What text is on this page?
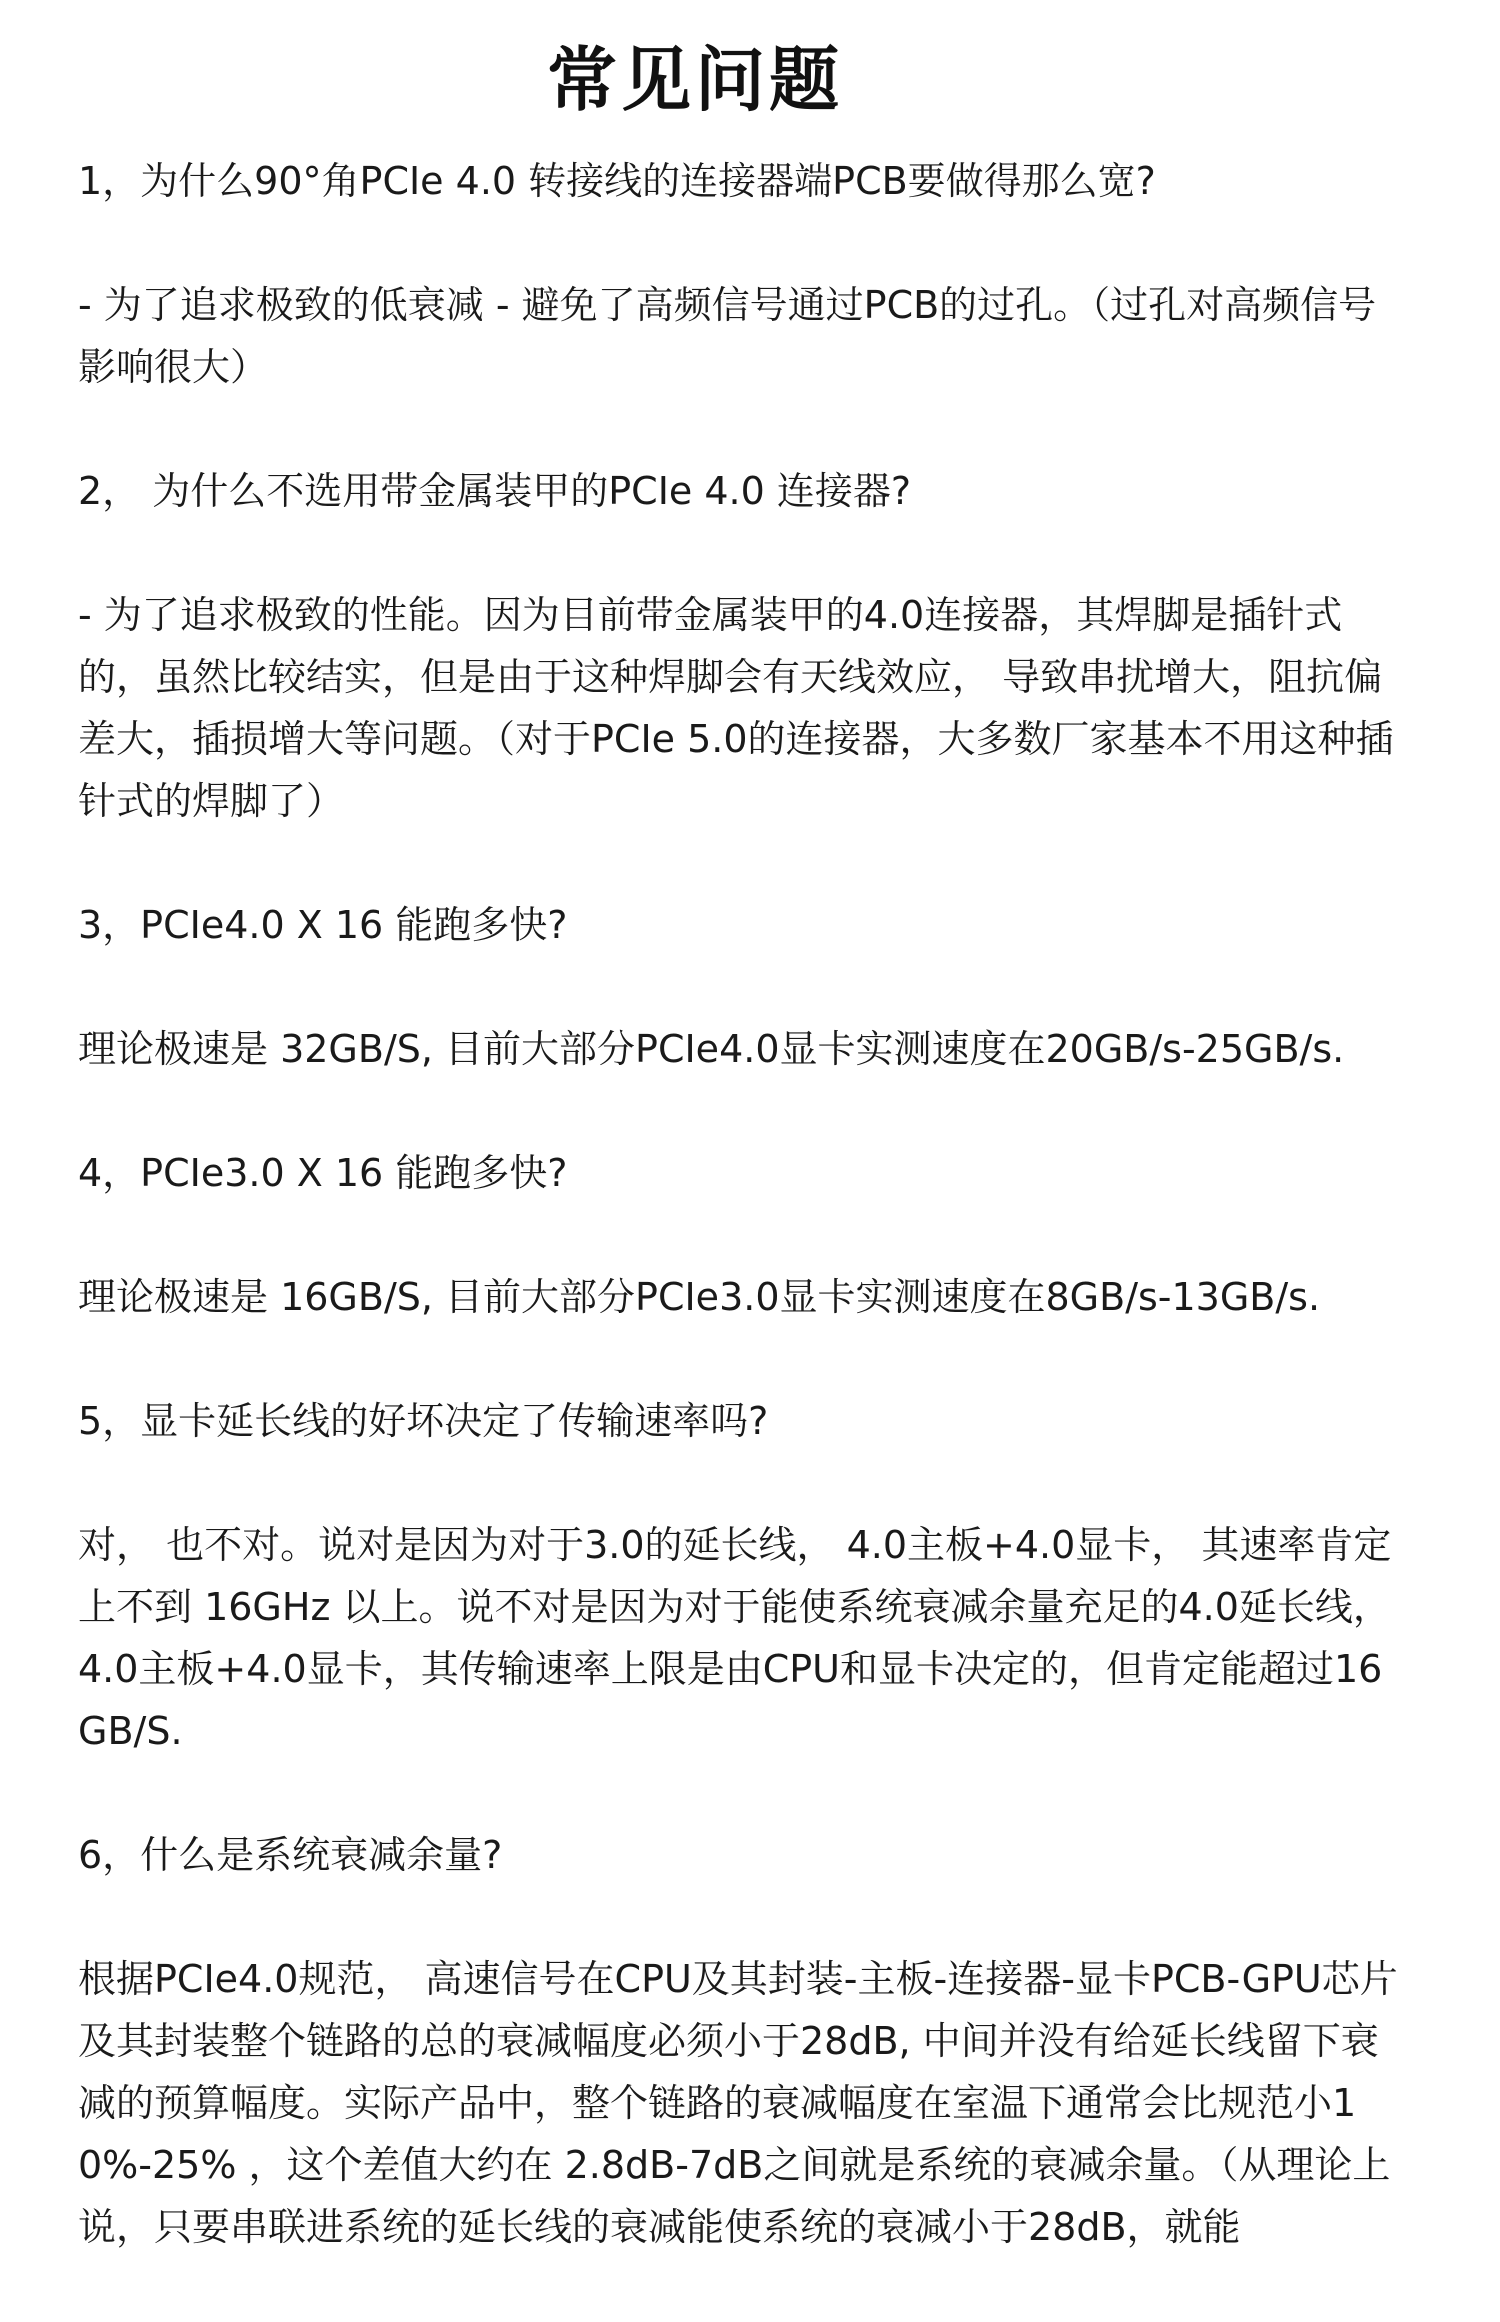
常见问题
1，为什么90°角PCIe 4.0 转接线的连接器端PCB要做得那么宽?
- 为了追求极致的低衰减 - 避免了高频信号通过PCB的过孔。（过孔对高频信号影响很大）
2， 为什么不选用带金属装甲的PCIe 4.0 连接器?
- 为了追求极致的性能。因为目前带金属装甲的4.0连接器，其焊脚是插针式的，虽然比较结实，但是由于这种焊脚会有天线效应， 导致串扰增大，阻抗偏差大，插损增大等问题。（对于PCIe 5.0的连接器，大多数厂家基本不用这种插针式的焊脚了）
3，PCIe4.0 X 16 能跑多快?
理论极速是 32GB/S, 目前大部分PCIe4.0显卡实测速度在20GB/s-25GB/s.
4，PCIe3.0 X 16 能跑多快?
理论极速是 16GB/S, 目前大部分PCIe3.0显卡实测速度在8GB/s-13GB/s.
5，显卡延长线的好坏决定了传输速率吗?
对， 也不对。说对是因为对于3.0的延长线， 4.0主板+4.0显卡， 其速率肯定上不到 16GHz 以上。说不对是因为对于能使系统衰减余量充足的4.0延长线，4.0主板+4.0显卡，其传输速率上限是由CPU和显卡决定的，但肯定能超过16GB/S.
6，什么是系统衰减余量?
根据PCIe4.0规范， 高速信号在CPU及其封装-主板-连接器-显卡PCB-GPU芯片及其封装整个链路的总的衰减幅度必须小于28dB, 中间并没有给延长线留下衰减的预算幅度。实际产品中，整个链路的衰减幅度在室温下通常会比规范小10%-25% ，这个差值大约在 2.8dB-7dB之间就是系统的衰减余量。（从理论上说，只要串联进系统的延长线的衰减能使系统的衰减小于28dB，就能
